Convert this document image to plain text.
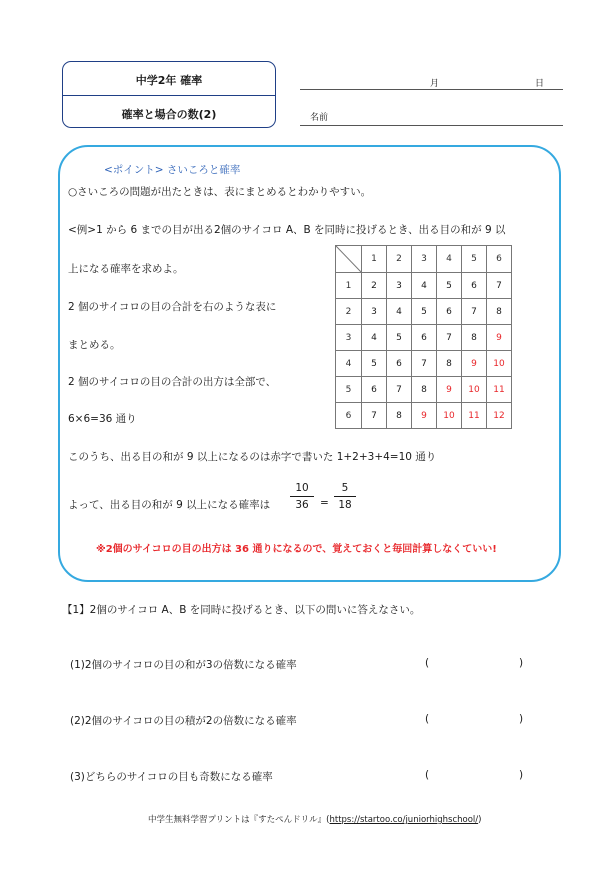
中学2年 確率
確率と場合の数(2)
月	日
名前
<ポイント> さいころと確率
○さいころの問題が出たときは、表にまとめるとわかりやすい。
<例>1 から 6 までの目が出る2個のサイコロ A、B を同時に投げるとき、出る目の和が 9 以
上になる確率を求めよ。
2 個のサイコロの目の合計を右のような表に
まとめる。
2 個のサイコロの目の合計の出方は全部で、
6×6=36 通り
このうち、出る目の和が 9 以上になるのは赤字で書いた 1+2+3+4=10 通り
よって、出る目の和が 9 以上になる確率は
10
36	=
5
18
※2個のサイコロの目の出方は 36 通りになるので、覚えておくと毎回計算しなくていい!
	1	2	3	4	5	6
1	2	3	4	5	6	7
2	3	4	5	6	7	8
3	4	5	6	7	8	9
4	5	6	7	8	9	10
5	6	7	8	9	10	11
6	7	8	9	10	11	12
【1】2個のサイコロ A、B を同時に投げるとき、以下の問いに答えなさい。
(1)2個のサイコロの目の和が3の倍数になる確率	(	)
(2)2個のサイコロの目の積が2の倍数になる確率	(	)
(3)どちらのサイコロの目も奇数になる確率	(	)
中学生無料学習プリントは『すたぺんドリル』(https://startoo.co/juniorhighschool/)
